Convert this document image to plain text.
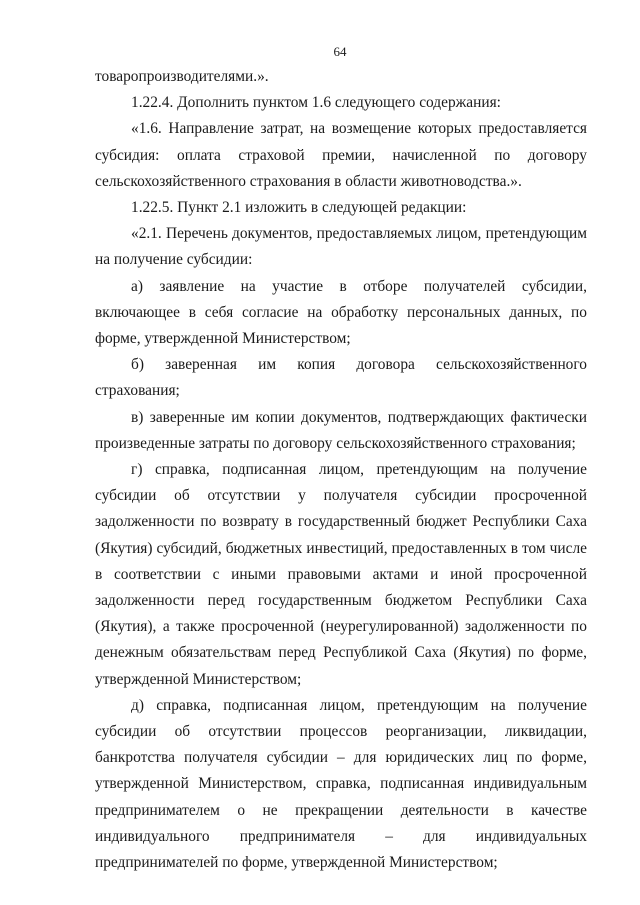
64

товаропроизводителями.».

1.22.4. Дополнить пунктом 1.6 следующего содержания:

«1.6. Направление затрат, на возмещение которых предоставляется субсидия: оплата страховой премии, начисленной по договору сельскохозяйственного страхования в области животноводства.».

1.22.5. Пункт 2.1 изложить в следующей редакции:

«2.1. Перечень документов, предоставляемых лицом, претендующим на получение субсидии:

а) заявление на участие в отборе получателей субсидии, включающее в себя согласие на обработку персональных данных, по форме, утвержденной Министерством;

б) заверенная им копия договора сельскохозяйственного страхования;

в) заверенные им копии документов, подтверждающих фактически произведенные затраты по договору сельскохозяйственного страхования;

г) справка, подписанная лицом, претендующим на получение субсидии об отсутствии у получателя субсидии просроченной задолженности по возврату в государственный бюджет Республики Саха (Якутия) субсидий, бюджетных инвестиций, предоставленных в том числе в соответствии с иными правовыми актами и иной просроченной задолженности перед государственным бюджетом Республики Саха (Якутия), а также просроченной (неурегулированной) задолженности по денежным обязательствам перед Республикой Саха (Якутия) по форме, утвержденной Министерством;

д) справка, подписанная лицом, претендующим на получение субсидии об отсутствии процессов реорганизации, ликвидации, банкротства получателя субсидии – для юридических лиц по форме, утвержденной Министерством, справка, подписанная индивидуальным предпринимателем о не прекращении деятельности в качестве индивидуального предпринимателя – для индивидуальных предпринимателей по форме, утвержденной Министерством;
